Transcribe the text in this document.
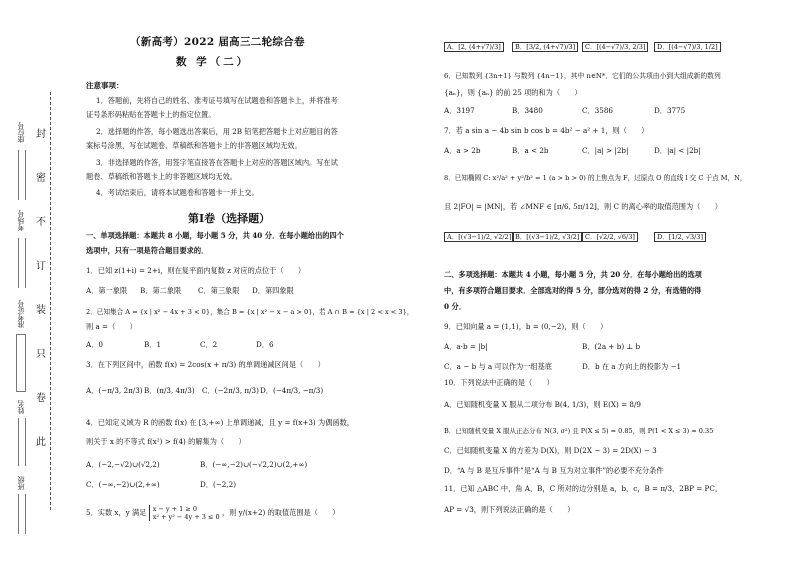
封
密
不
订
装
只
卷
此
座位号
考场号
准考证号
姓名
班级
（新高考）2022 届高三二轮综合卷
数 学（二）
注意事项：
1．答题前，先将自己的姓名、准考证号填写在试题卷和答题卡上，并将准考
证号条形码粘贴在答题卡上的指定位置。
2．选择题的作答，每小题选出答案后，用 2B 铅笔把答题卡上对应题目的答
案标号涂黑，写在试题卷、草稿纸和答题卡上的非答题区域均无效。
3．非选择题的作答，用签字笔直接答在答题卡上对应的答题区域内。写在试
题卷、草稿纸和答题卡上的非答题区域均无效。
4．考试结束后，请将本试题卷和答题卡一并上交。
第Ⅰ卷（选择题）
一、单项选择题：本题共 8 小题，每小题 5 分，共 40 分．在每小题给出的四个
选项中，只有一项是符合题目要求的．
1．已知 z(1+i) = 2+i，则在复平面内复数 z 对应的点位于（　　）
A．第一象限 B．第二象限 C．第三象限 D．第四象限
2．已知集合 A = {x | x² − 4x + 3 < 0}，集合 B = {x | x² − x − a > 0}，若 A ∩ B = {x | 2 < x < 3}，
则 a =（　　）
A．0	B．1	C．2	D．6
3．在下列区间中，函数 f(x) = 2cos(x + π/3) 的单调递减区间是（　　）
A．(−π/3, 2π/3) B．(π/3, 4π/3) C．(−2π/3, π/3) D．(−4π/3, −π/3)
4．已知定义域为 R 的函数 f(x) 在 [3,+∞) 上单调递减，且 y = f(x+3) 为偶函数，
则关于 x 的不等式 f(x²) > f(4) 的解集为（　　）
A．(−2,−√2)∪(√2,2)	B．(−∞,−2)∪(−√2,2)∪(2,+∞)
C．(−∞,−2)∪(2,+∞)	D．(−2,2)
5．实数 x，y 满足 x − y + 1 ≥ 0
x² + y² − 4y + 3 ≤ 0 ，则 y/(x+2) 的取值范围是（　　）
A．[2, (4+√7)/3]	B．[3/2, (4+√7)/3]	C．[(4−√7)/3, 2/3]	D．[(4−√7)/3, 1/2]
6．已知数列 {3n+1} 与数列 {4n−1}，其中 n∈N*．它们的公共项由小到大组成新的数列
{aₙ}，则 {aₙ} 的前 25 项的和为（　　）
A．3197	B．3480	C．3586	D．3775
7．若 a sin a − 4b sin b cos b = 4b² − a² + 1，则（　　）
A．a > 2b	B．a < 2b	C．|a| > |2b|	D．|a| < |2b|
8．已知椭圆 C: x²/a² + y²/b² = 1 (a > b > 0) 的上焦点为 F，过原点 O 的直线 l 交 C 于点 M，N，
且 2|FO| = |MN|，若 ∠MNF ∈ [π/6, 5π/12]，则 C 的离心率的取值范围为（　　）
A．[(√3−1)/2, √2/2] B．[(√3−1)/2, √3/2] C．[√2/2, √6/3]	D．[1/2, √3/3]
二、多项选择题：本题共 4 小题，每小题 5 分，共 20 分．在每小题给出的选项
中，有多项符合题目要求．全部选对的得 5 分，部分选对的得 2 分，有选错的得
0 分．
9．已知向量 a = (1,1)，b = (0,−2)，则（　　）
A．a·b = |b|	B．(2a + b) ⊥ b
C．a − b 与 a 可以作为一组基底	D．b 在 a 方向上的投影为 −1
10．下列说法中正确的是（　　）
A．已知随机变量 X 服从二项分布 B(4, 1/3)，则 E(X) = 8/9
B．已知随机变量 X 服从正态分布 N(3, σ²) 且 P(X ≤ 5) = 0.85，则 P(1 < X ≤ 3) = 0.35
C．已知随机变量 X 的方差为 D(X)，则 D(2X − 3) = 2D(X) − 3
D．“A 与 B 是互斥事件”是“A 与 B 互为对立事件”的必要不充分条件
11．已知 △ABC 中，角 A，B，C 所对的边分别是 a，b，c，B = π/3，2BP = PC，
AP = √3，则下列说法正确的是（　　）
